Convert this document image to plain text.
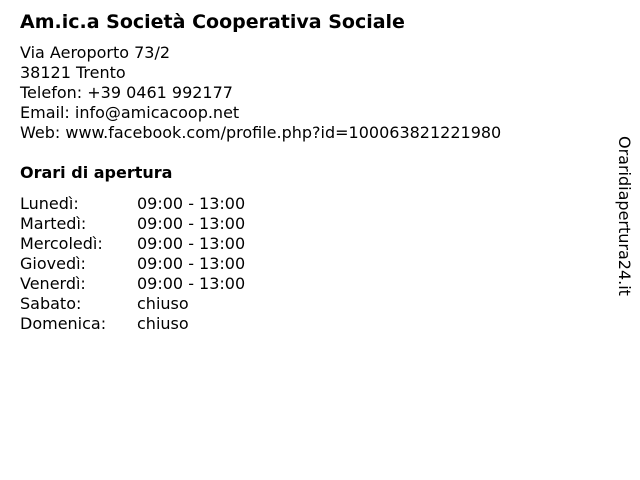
Am.ic.a Società Cooperativa Sociale
Via Aeroporto 73/2
38121 Trento
Telefon: +39 0461 992177
Email: info@amicacoop.net
Web: www.facebook.com/profile.php?id=100063821221980
Orari di apertura
Lunedì:	09:00 - 13:00
Martedì:	09:00 - 13:00
Mercoledì: 09:00 - 13:00
Giovedì:	09:00 - 13:00
Venerdì:	09:00 - 13:00
Sabato:	chiuso
Domenica: chiuso
Oraridiapertura24.it
